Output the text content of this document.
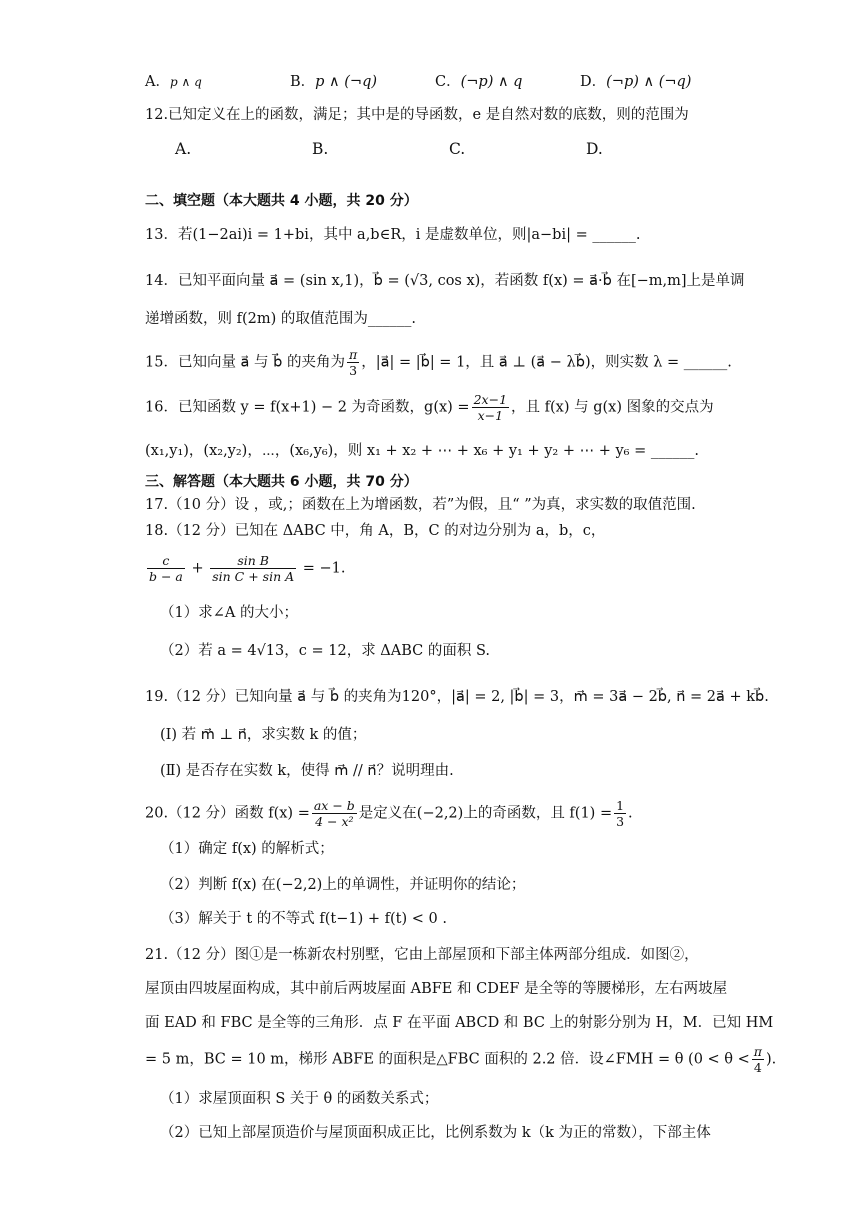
A．p ∧ q	B．p ∧ (¬q)	C．(¬p) ∧ q	D．(¬p) ∧ (¬q)
12.已知定义在上的函数，满足；其中是的导函数，e 是自然对数的底数，则的范围为
A.	B.	C.	D.
二、填空题（本大题共 4 小题，共 20 分）
13．若(1−2ai)i = 1+bi，其中 a,b∈R，i 是虚数单位，则|a−bi| = ______.
14．已知平面向量 a⃗ = (sin x,1)，b⃗ = (√3, cos x)，若函数 f(x) = a⃗·b⃗ 在[−m,m]上是单调
递增函数，则 f(2m) 的取值范围为______.
15．已知向量 a⃗ 与 b⃗ 的夹角为 $\frac{\pi}{3}$ ，|a⃗| = |b⃗| = 1，且 a⃗ ⊥ (a⃗ − λb⃗)，则实数 λ = ______.
16．已知函数 y = f(x+1) − 2 为奇函数，$g(x) = \frac{2x-1}{x-1}$ ，且 f(x) 与 g(x) 图象的交点为
(x₁,y₁)，(x₂,y₂)，⋯，(x₆,y₆)，则 x₁ + x₂ + ⋯ + x₆ + y₁ + y₂ + ⋯ + y₆ = ______.
三、解答题（本大题共 6 小题，共 70 分）
17.（10 分）设 ，或,；函数在上为增函数，若”为假，且“ ”为真，求实数的取值范围.
18.（12 分）已知在 ΔABC 中，角 A，B，C 的对边分别为 a，b，c，
$\frac{c}{b - a} + \frac{\text{sin B}}{\text{sin C + sin A}} = -1$.
（1）求∠A 的大小；
（2）若 a = 4√13，c = 12，求 ΔABC 的面积 S.
19.（12 分）已知向量 a⃗ 与 b⃗ 的夹角为120°，|a⃗| = 2, |b⃗| = 3，m⃗ = 3a⃗ − 2b⃗, n⃗ = 2a⃗ + kb⃗.
(Ⅰ) 若 m⃗ ⊥ n⃗，求实数 k 的值；
(Ⅱ) 是否存在实数 k，使得 m⃗ // n⃗？说明理由.
20.（12 分）函数 $f(x) = \frac{ax - b}{\text{4 − x²}}$ 是定义在(−2,2)上的奇函数，且 $f(1) = \frac{1}{3}$ .
（1）确定 f(x) 的解析式；
（2）判断 f(x) 在(−2,2)上的单调性，并证明你的结论；
（3）解关于 t 的不等式 f(t−1) + f(t) < 0 .
21.（12 分）图①是一栋新农村别墅，它由上部屋顶和下部主体两部分组成．如图②，
屋顶由四坡屋面构成，其中前后两坡屋面 ABFE 和 CDEF 是全等的等腰梯形，左右两坡屋
面 EAD 和 FBC 是全等的三角形．点 F 在平面 ABCD 和 BC 上的射影分别为 H，M．已知 HM
= 5 m，BC = 10 m，梯形 ABFE 的面积是△FBC 面积的 2.2 倍．设∠FMH = θ ($0 < \theta < \frac{\pi}{4}$ ).
（1）求屋顶面积 S 关于 θ 的函数关系式；
（2）已知上部屋顶造价与屋顶面积成正比，比例系数为 k（k 为正的常数），下部主体
